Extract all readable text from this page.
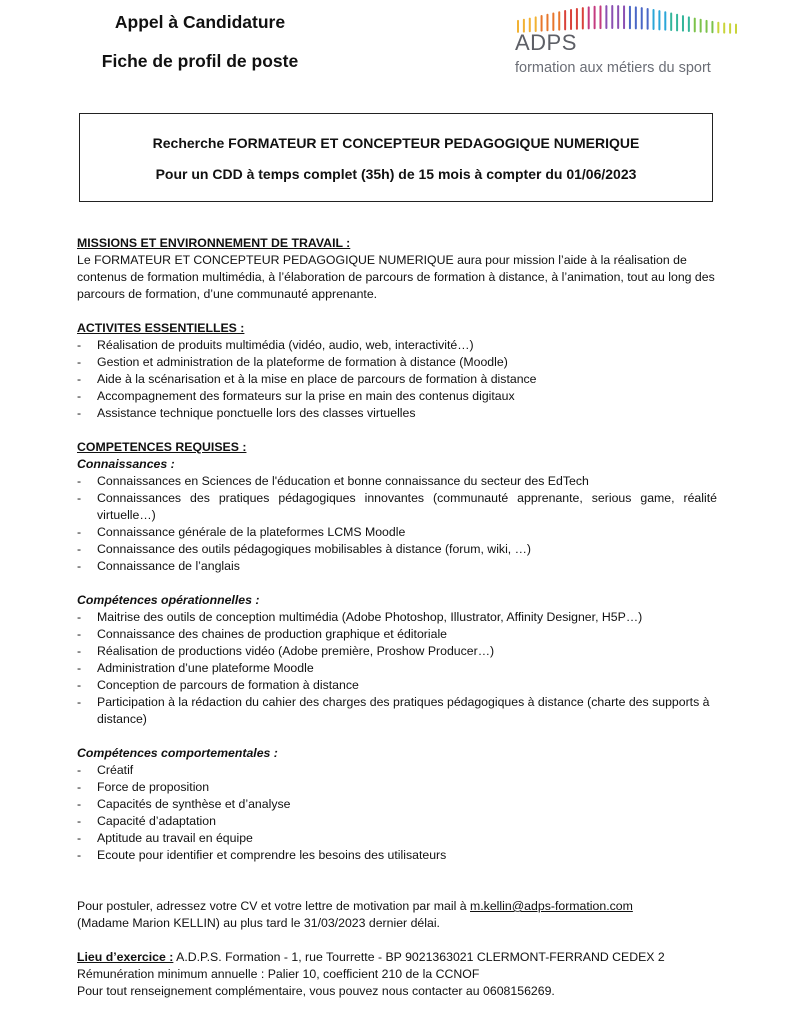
Appel à Candidature
Fiche de profil de poste
ADPS
formation aux métiers du sport
Recherche FORMATEUR ET CONCEPTEUR PEDAGOGIQUE NUMERIQUE
Pour un CDD à temps complet (35h) de 15 mois à compter du 01/06/2023
MISSIONS ET ENVIRONNEMENT DE TRAVAIL :
Le FORMATEUR ET CONCEPTEUR PEDAGOGIQUE NUMERIQUE aura pour mission l’aide à la réalisation de contenus de formation multimédia, à l’élaboration de parcours de formation à distance, à l’animation, tout au long des parcours de formation, d’une communauté apprenante.
ACTIVITES ESSENTIELLES :
- Réalisation de produits multimédia (vidéo, audio, web, interactivité…)
- Gestion et administration de la plateforme de formation à distance (Moodle)
- Aide à la scénarisation et à la mise en place de parcours de formation à distance
- Accompagnement des formateurs sur la prise en main des contenus digitaux
- Assistance technique ponctuelle lors des classes virtuelles
COMPETENCES REQUISES :
Connaissances :
- Connaissances en Sciences de l'éducation et bonne connaissance du secteur des EdTech
- Connaissances des pratiques pédagogiques innovantes (communauté apprenante, serious game, réalité virtuelle…)
- Connaissance générale de la plateformes LCMS Moodle
- Connaissance des outils pédagogiques mobilisables à distance (forum, wiki, …)
- Connaissance de l’anglais
Compétences opérationnelles :
- Maitrise des outils de conception multimédia (Adobe Photoshop, Illustrator, Affinity Designer, H5P…)
- Connaissance des chaines de production graphique et éditoriale
- Réalisation de productions vidéo (Adobe première, Proshow Producer…)
- Administration d’une plateforme Moodle
- Conception de parcours de formation à distance
- Participation à la rédaction du cahier des charges des pratiques pédagogiques à distance (charte des supports à distance)
Compétences comportementales :
- Créatif
- Force de proposition
- Capacités de synthèse et d’analyse
- Capacité d’adaptation
- Aptitude au travail en équipe
- Ecoute pour identifier et comprendre les besoins des utilisateurs
Pour postuler, adressez votre CV et votre lettre de motivation par mail à m.kellin@adps-formation.com
(Madame Marion KELLIN) au plus tard le 31/03/2023 dernier délai.
Lieu d’exercice : A.D.P.S. Formation - 1, rue Tourrette - BP 9021363021 CLERMONT-FERRAND CEDEX 2
Rémunération minimum annuelle : Palier 10, coefficient 210 de la CCNOF
Pour tout renseignement complémentaire, vous pouvez nous contacter au 0608156269.
